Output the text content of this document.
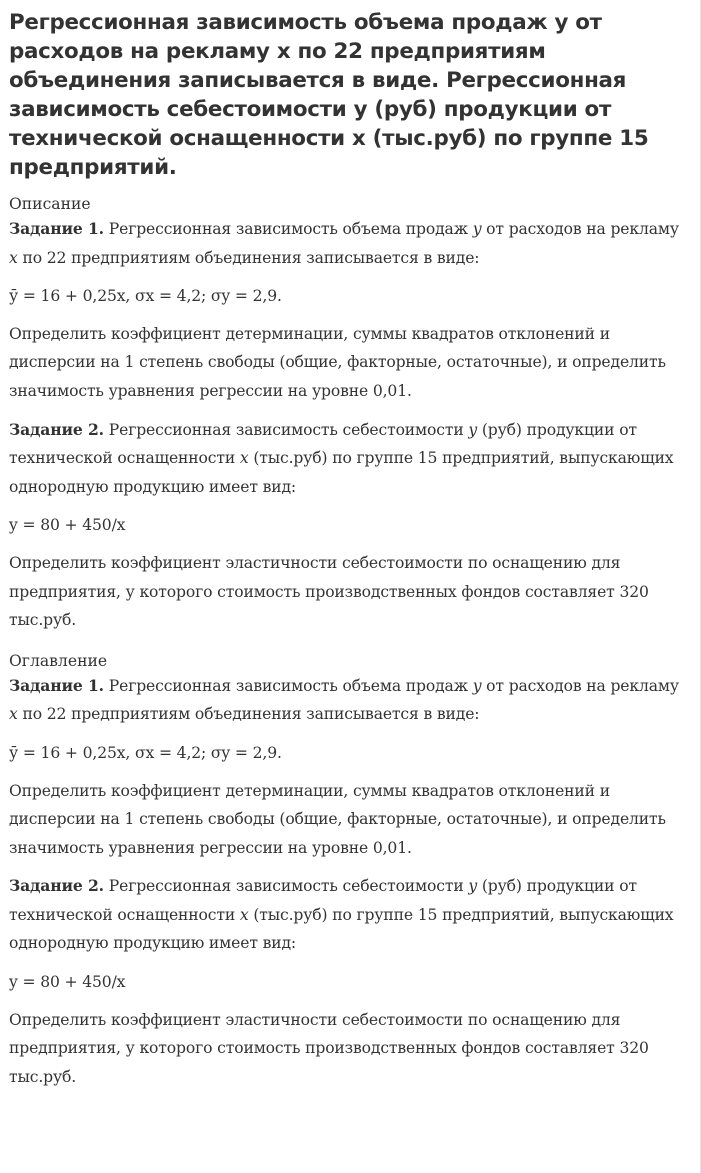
Регрессионная зависимость объема продаж y от расходов на рекламу x по 22 предприятиям объединения записывается в виде. Регрессионная зависимость себестоимости y (руб) продукции от технической оснащенности x (тыс.руб) по группе 15 предприятий.
Описание

Задание 1. Регрессионная зависимость объема продаж y от расходов на рекламу x по 22 предприятиям объединения записывается в виде:

ӯ = 16 + 0,25x, σx = 4,2; σy = 2,9.

Определить коэффициент детерминации, суммы квадратов отклонений и дисперсии на 1 степень свободы (общие, факторные, остаточные), и определить значимость уравнения регрессии на уровне 0,01.

Задание 2. Регрессионная зависимость себестоимости y (руб) продукции от технической оснащенности x (тыс.руб) по группе 15 предприятий, выпускающих однородную продукцию имеет вид:

y = 80 + 450/x

Определить коэффициент эластичности себестоимости по оснащению для предприятия, у которого стоимость производственных фондов составляет 320 тыс.руб.

Оглавление

Задание 1. Регрессионная зависимость объема продаж y от расходов на рекламу x по 22 предприятиям объединения записывается в виде:

ӯ = 16 + 0,25x, σx = 4,2; σy = 2,9.

Определить коэффициент детерминации, суммы квадратов отклонений и дисперсии на 1 степень свободы (общие, факторные, остаточные), и определить значимость уравнения регрессии на уровне 0,01.

Задание 2. Регрессионная зависимость себестоимости y (руб) продукции от технической оснащенности x (тыс.руб) по группе 15 предприятий, выпускающих однородную продукцию имеет вид:

y = 80 + 450/x

Определить коэффициент эластичности себестоимости по оснащению для предприятия, у которого стоимость производственных фондов составляет 320 тыс.руб.
